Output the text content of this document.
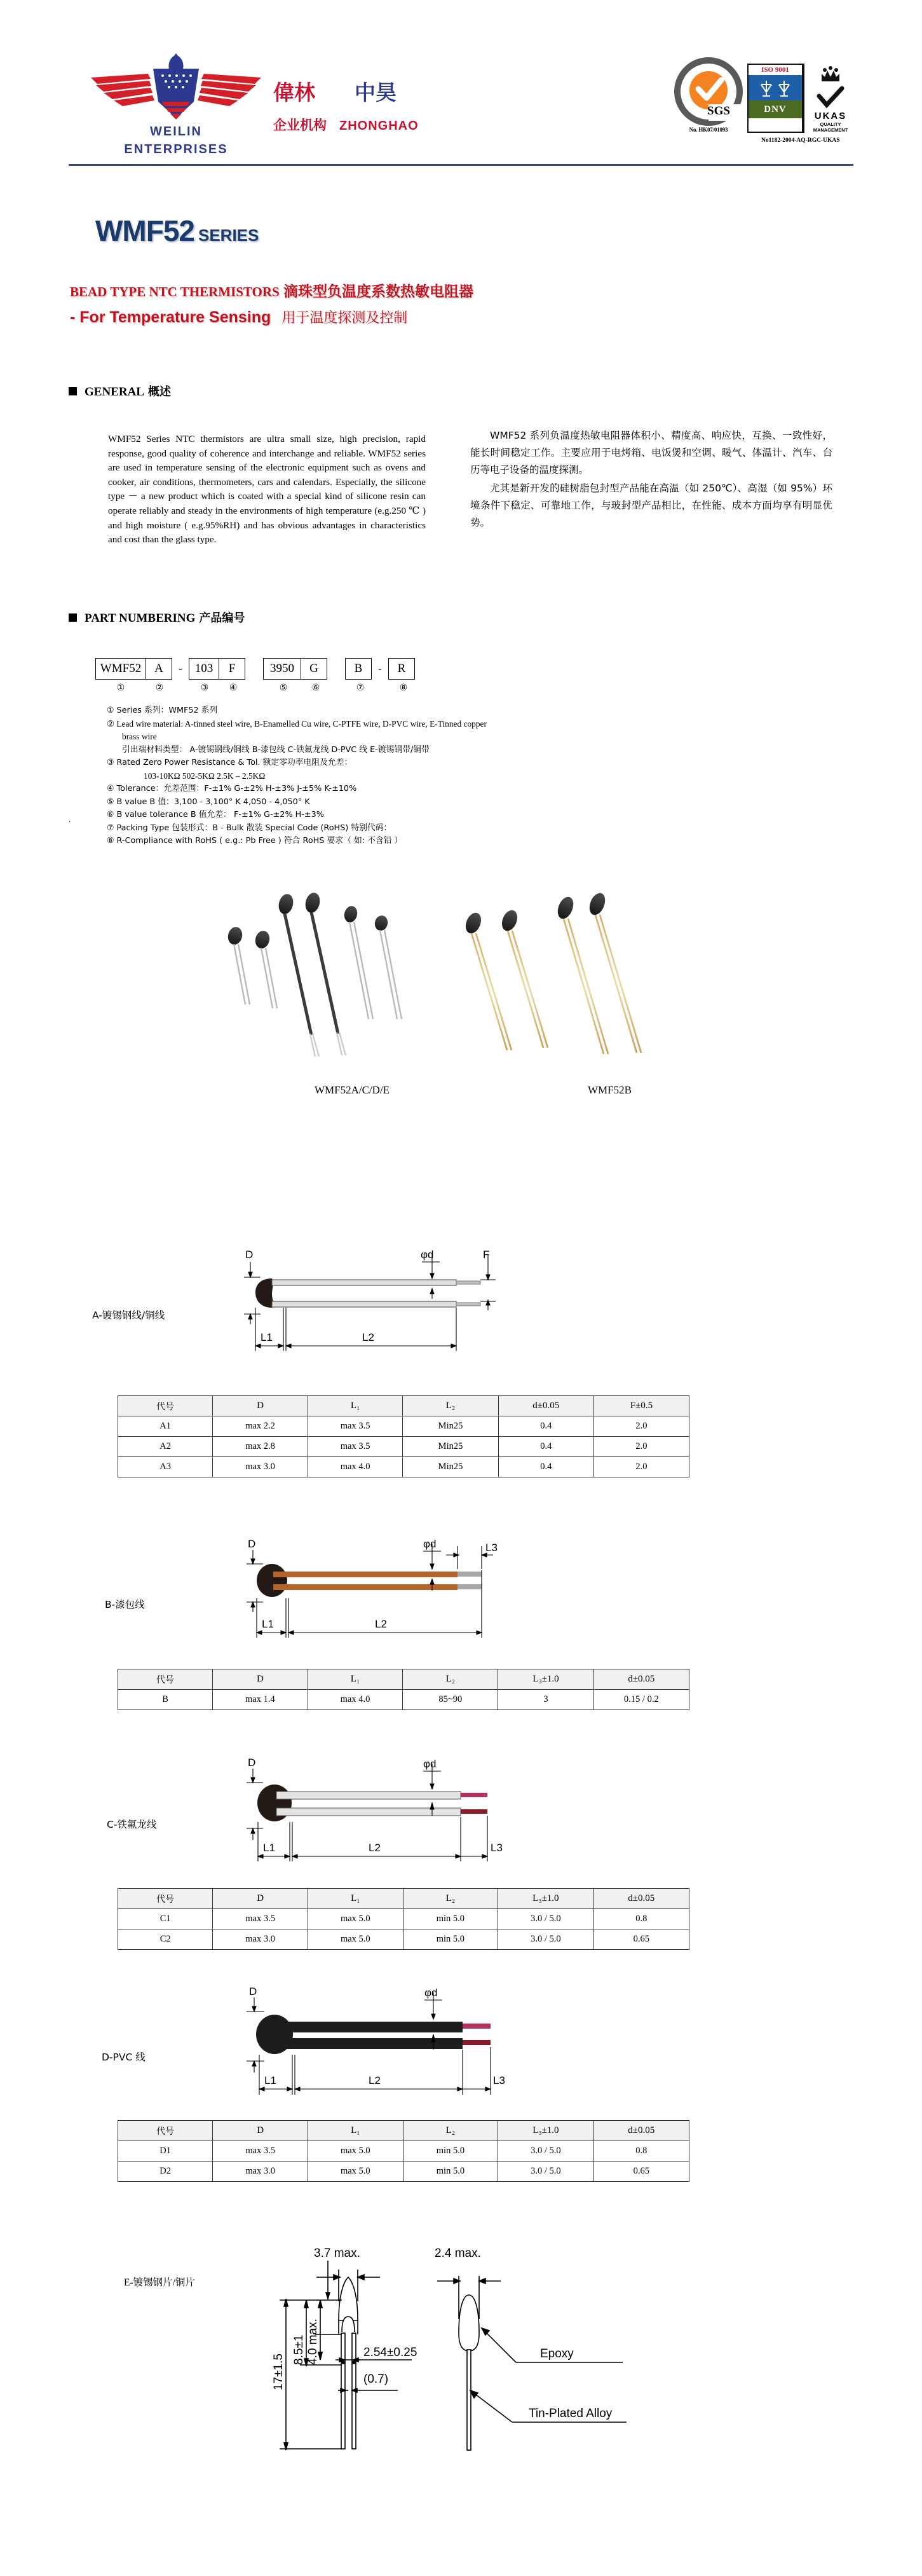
WEILIN
ENTERPRISES
偉林 中昊
企业机构 ZHONGHAO
SGS
No. HK07/01093
ISO 9001
DNV

UKAS
QUALITY
MANAGEMENT
No1182-2004-AQ-RGC-UKAS
WMF52 SERIES
BEAD TYPE NTC THERMISTORS 滴珠型负温度系数热敏电阻器
- For Temperature Sensing 用于温度探测及控制
GENERAL 概述
WMF52 Series NTC thermistors are ultra small size, high precision, rapid response, good quality of coherence and interchange and reliable. WMF52 series are used in temperature sensing of the electronic equipment such as ovens and cooker, air conditions, thermometers, cars and calendars. Especially, the silicone type － a new product which is coated with a special kind of silicone resin can operate reliably and steady in the environments of high temperature (e.g.250 ℃ ) and high moisture ( e.g.95%RH) and has obvious advantages in characteristics and cost than the glass type.

WMF52 系列负温度热敏电阻器体积小、精度高、响应快，互换、一致性好，能长时间稳定工作。主要应用于电烤箱、电饭煲和空调、暖气、体温计、汽车、台历等电子设备的温度探测。

尤其是新开发的硅树脂包封型产品能在高温（如 250℃）、高湿（如 95%）环境条件下稳定、可靠地工作，与玻封型产品相比，在性能、成本方面均享有明显优势。

PART NUMBERING 产品编号
WMF52	A	-	103	F	3950	G	B	-	R
①	②	③	④	⑤	⑥	⑦	⑧
① Series 系列：WMF52 系列
② Lead wire material: A-tinned steel wire, B-Enamelled Cu wire, C-PTFE wire, D-PVC wire, E-Tinned copper
brass wire
引出端材料类型： A-镀锡钢线/铜线 B-漆包线 C-铁氟龙线 D-PVC 线 E-镀锡钢带/铜带
③ Rated Zero Power Resistance & Tol. 额定零功率电阻及允差：
103-10KΩ 502-5KΩ 2.5K – 2.5KΩ
④ Tolerance：允差范围：F-±1% G-±2% H-±3% J-±5% K-±10%
⑤ B value B 值：3,100 - 3,100° K 4,050 - 4,050° K
⑥ B value tolerance B 值允差： F-±1% G-±2% H-±3%
⑦ Packing Type 包装形式：B - Bulk 散装 Special Code (RoHS) 特别代码：
⑧ R-Compliance with RoHS ( e.g.: Pb Free ) 符合 RoHS 要求（ 如: 不含铅 ）
.
WMF52A/C/D/E	WMF52B
A-镀锡钢线/铜线
D	φd	F
L1	L2
代号	D	L₁	L₂	d±0.05	F±0.5
A1	max 2.2	max 3.5	Min25	0.4	2.0
A2	max 2.8	max 3.5	Min25	0.4	2.0
A3	max 3.0	max 4.0	Min25	0.4	2.0
B-漆包线
D	φd	L3
L1	L2
代号	D	L₁	L₂	L₃±1.0	d±0.05
B	max 1.4	max 4.0	85~90	3	0.15 / 0.2
C-铁氟龙线
D	φd
L1	L2	L3
代号	D	L₁	L₂	L₃±1.0	d±0.05
C1	max 3.5	max 5.0	min 5.0	3.0 / 5.0	0.8
C2	max 3.0	max 5.0	min 5.0	3.0 / 5.0	0.65
D-PVC 线
D	φd
L1	L2	L3
代号	D	L₁	L₂	L₃±1.0	d±0.05
D1	max 3.5	max 5.0	min 5.0	3.0 / 5.0	0.8
D2	max 3.0	max 5.0	min 5.0	3.0 / 5.0	0.65
E-镀锡钢片/铜片
3.7 max.	2.4 max.
17±1.5
8.5±1 4.0 max.	2.54±0.25
(0.7)
Epoxy
Tin-Plated Alloy
